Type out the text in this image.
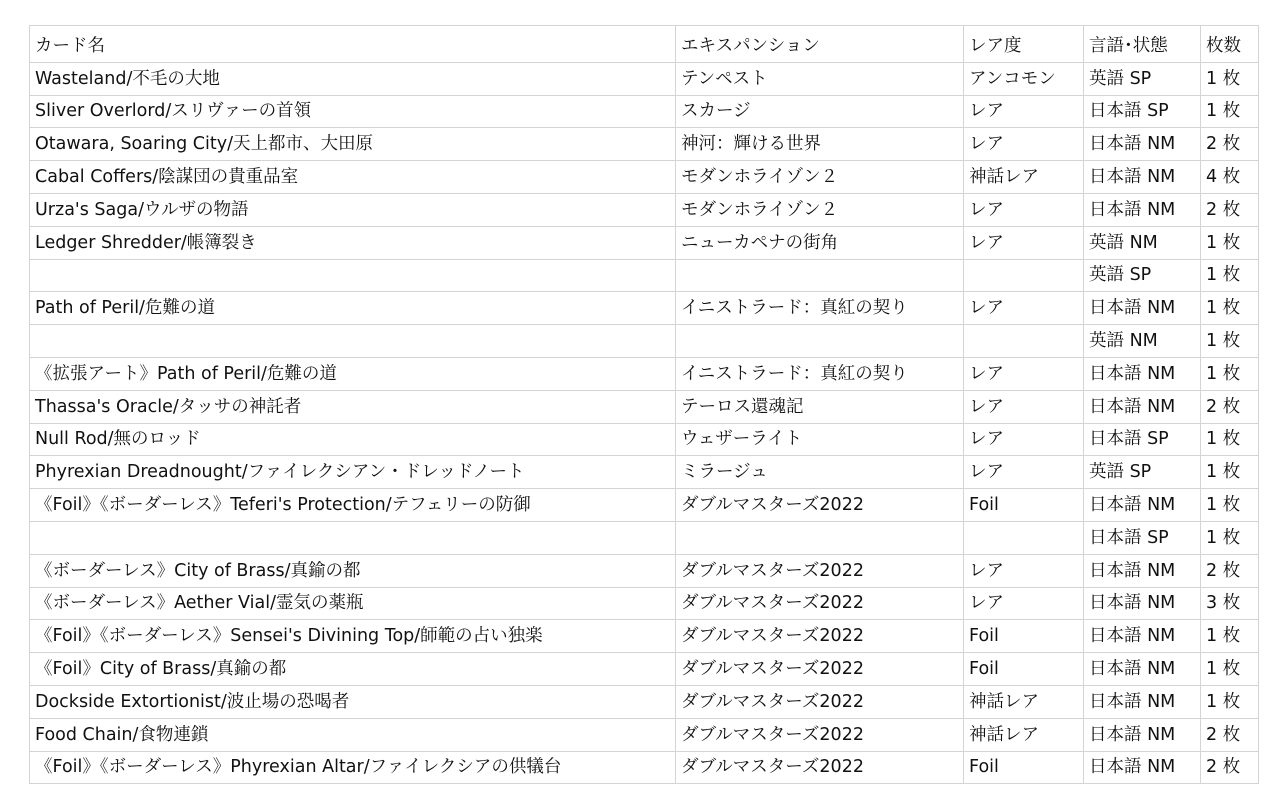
カード名	エキスパンション	レア度	言語･状態	枚数
Wasteland/不毛の大地	テンペスト	アンコモン	英語 SP	1 枚
Sliver Overlord/スリヴァーの首領	スカージ	レア	日本語 SP	1 枚
Otawara, Soaring City/天上都市、大田原	神河：輝ける世界	レア	日本語 NM	2 枚
Cabal Coffers/陰謀団の貴重品室	モダンホライゾン２	神話レア	日本語 NM	4 枚
Urza's Saga/ウルザの物語	モダンホライゾン２	レア	日本語 NM	2 枚
Ledger Shredder/帳簿裂き	ニューカペナの街角	レア	英語 NM	1 枚
			英語 SP	1 枚
Path of Peril/危難の道	イニストラード：真紅の契り	レア	日本語 NM	1 枚
			英語 NM	1 枚
《拡張アート》Path of Peril/危難の道	イニストラード：真紅の契り	レア	日本語 NM	1 枚
Thassa's Oracle/タッサの神託者	テーロス還魂記	レア	日本語 NM	2 枚
Null Rod/無のロッド	ウェザーライト	レア	日本語 SP	1 枚
Phyrexian Dreadnought/ファイレクシアン・ドレッドノート	ミラージュ	レア	英語 SP	1 枚
《Foil》《ボーダーレス》Teferi's Protection/テフェリーの防御	ダブルマスターズ2022	Foil	日本語 NM	1 枚
			日本語 SP	1 枚
《ボーダーレス》City of Brass/真鍮の都	ダブルマスターズ2022	レア	日本語 NM	2 枚
《ボーダーレス》Aether Vial/霊気の薬瓶	ダブルマスターズ2022	レア	日本語 NM	3 枚
《Foil》《ボーダーレス》Sensei's Divining Top/師範の占い独楽	ダブルマスターズ2022	Foil	日本語 NM	1 枚
《Foil》City of Brass/真鍮の都	ダブルマスターズ2022	Foil	日本語 NM	1 枚
Dockside Extortionist/波止場の恐喝者	ダブルマスターズ2022	神話レア	日本語 NM	1 枚
Food Chain/食物連鎖	ダブルマスターズ2022	神話レア	日本語 NM	2 枚
《Foil》《ボーダーレス》Phyrexian Altar/ファイレクシアの供犠台	ダブルマスターズ2022	Foil	日本語 NM	2 枚
